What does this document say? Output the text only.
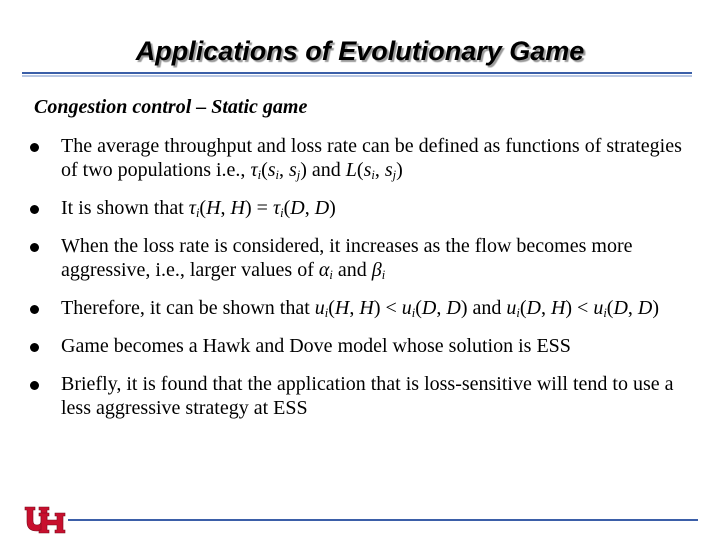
Applications of Evolutionary Game
Congestion control – Static game
The average throughput and loss rate can be defined as functions of strategies of two populations i.e., $\tau_i(s_i$, $s_j$) and $L(s_i$, $s_j$)
It is shown that $\tau_i(H$, $H) = \tau_i(D$, D)
When the loss rate is considered, it increases as the flow becomes more aggressive, i.e., larger values of $\alpha_i$ and $\beta_i$
Therefore, it can be shown that $u_i(H$, $H) < u_i(D$, D) and $u_i(D$, $H) < u_i(D$, D)
Game becomes a Hawk and Dove model whose solution is ESS
Briefly, it is found that the application that is loss-sensitive will tend to use a less aggressive strategy at ESS
